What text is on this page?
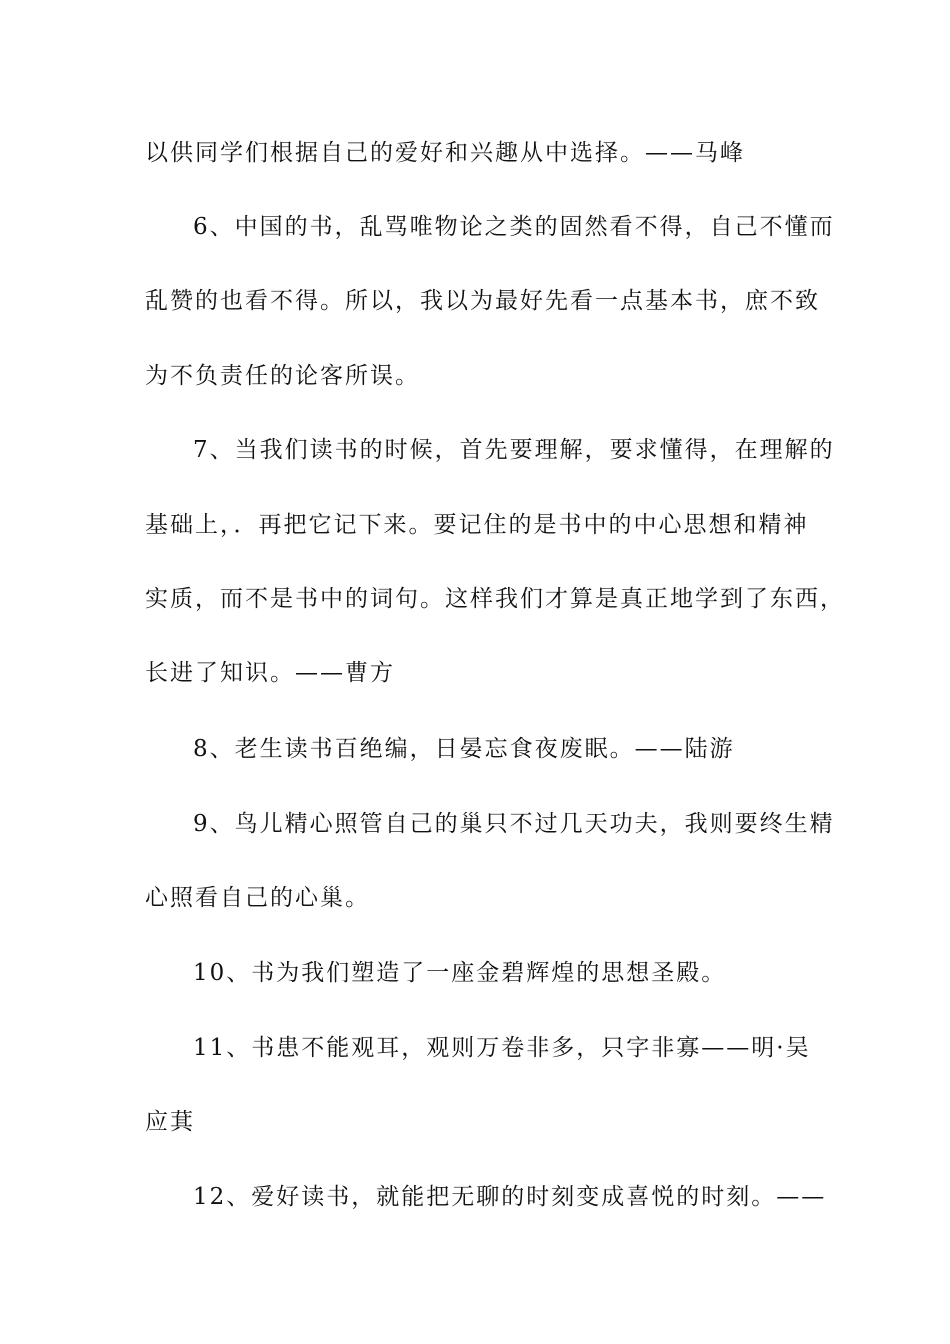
以供同学们根据自己的爱好和兴趣从中选择。——马峰
6、中国的书，乱骂唯物论之类的固然看不得，自己不懂而
乱赞的也看不得。所以，我以为最好先看一点基本书，庶不致
为不负责任的论客所误。
7、当我们读书的时候，首先要理解，要求懂得，在理解的
基础上，．再把它记下来。要记住的是书中的中心思想和精神
实质，而不是书中的词句。这样我们才算是真正地学到了东西，
长进了知识。——曹方
8、老生读书百绝编，日晏忘食夜废眠。——陆游
9、鸟儿精心照管自己的巢只不过几天功夫，我则要终生精
心照看自己的心巢。
10、书为我们塑造了一座金碧辉煌的思想圣殿。
11、书患不能观耳，观则万卷非多，只字非寡——明·吴
应萁
12、爱好读书，就能把无聊的时刻变成喜悦的时刻。——
